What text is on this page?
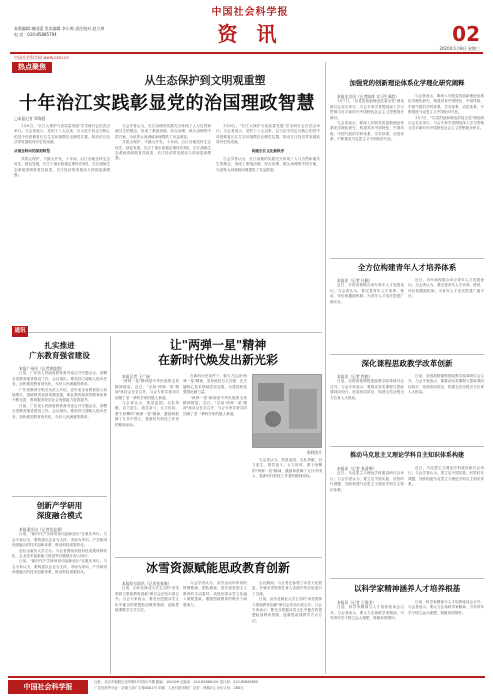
本版编辑 谢国梁 美术编辑 李小帅 责任校对 赵立坤
电 话：010-85885794
中国社会科学报
资 讯	02
2020年1月8日 星期三
中国社会科学网 www.cssn.cn
热点聚焦
从生态保护到文明观重塑
十年治江实践彰显党的治国理政智慧
□本报记者 郑海鸥

1月8日，"长江大保护与高质量发展"学术研讨会在武汉举行。与会者表示，党的十八大以来，以习近平同志为核心的党中央把修复长江生态环境摆在压倒性位置，推动长江经济带发展取得历史性成就。

从理念转向的深刻转型

共抓大保护、不搞大开发。十年间，沿江各地坚持生态优先、绿色发展，长江干流水质稳定保持在Ⅱ类，长江流域生态系统得到恢复性改善，长江经济带发展动力得到显著增强。

与会学者认为，长江治理的实践充分体现了人与自然和谐共生的理念，形成了系统治理、综合治理、源头治理的中国方案，为世界大河流域治理提供了有益借鉴。

共抓大保护、不搞大开发。十年间，沿江各地坚持生态优先、绿色发展，长江干流水质稳定保持在Ⅱ类，长江流域生态系统得到恢复性改善，长江经济带发展动力得到显著增强。

1月8日，"长江大保护与高质量发展"学术研讨会在武汉举行。与会者表示，党的十八大以来，以习近平同志为核心的党中央把修复长江生态环境摆在压倒性位置，推动长江经济带发展取得历史性成就。

构建长江文化新秩序

与会学者认为，长江治理的实践充分体现了人与自然和谐共生的理念，形成了系统治理、综合治理、源头治理的中国方案，为世界大河流域治理提供了有益借鉴。

通讯
扎实推进
广东教育强省建设

本报广州讯（记者黄俊霞）

日前，广东省人民政府教育督导室召开专题会议，部署全省教育强省建设工作。会议指出，要坚持立德树人根本任务，加快推进教育现代化，办好人民满意的教育。

广东省教育厅相关负责人介绍，近年来全省教育投入持续增长，基础教育优质均衡发展，职业教育和高等教育体系不断完善，教育服务经济社会发展能力显著提升。

日前，广东省人民政府教育督导室召开专题会议，部署全省教育强省建设工作。会议指出，要坚持立德树人根本任务，加快推进教育现代化，办好人民满意的教育。

创新产学研用
深度融合模式

本报重庆讯（记者张益强）

日前，"新时代产学研用协同创新论坛"在重庆举行。与会专家认为，要构建以企业为主体、市场为导向、产学研用深度融合的技术创新体系，推动科技成果转化。

论坛由重庆大学主办。与会者围绕高校科技成果转移转化、企业技术创新能力建设等议题展开深入研讨。

日前，"新时代产学研用协同创新论坛"在重庆举行。与会专家认为，要构建以企业为主体、市场为导向、产学研用深度融合的技术创新体系，推动科技成果转化。

让"两弹一星"精神
在新时代焕发出新光彩

本报记者 王广禄

"两弹一星"精神是中华民族的宝贵精神财富。近日，"弘扬'两弹一星'精神"座谈会在京召开，与会专家学者共同回顾了老一辈科学家的感人事迹。

与会者认为，热爱祖国、无私奉献，自力更生、艰苦奋斗，大力协同、勇于登攀的"两弹一星"精神，激励和鼓舞了几代中国人，是新时代科技工作者的精神坐标。

在新的历史条件下，要大力弘扬"两弹一星"精神，坚持科技自立自强，在关键核心技术领域攻坚克难，为建设科技强国贡献力量。

"两弹一星"精神是中华民族的宝贵精神财富。近日，"弘扬'两弹一星'精神"座谈会在京召开，与会专家学者共同回顾了老一辈科学家的感人事迹。

资料图片

与会者认为，热爱祖国、无私奉献，自力更生、艰苦奋斗，大力协同、勇于登攀的"两弹一星"精神，激励和鼓舞了几代中国人，是新时代科技工作者的精神坐标。

冰雪资源赋能思政教育创新

本报哈尔滨讯（记者张春海）

日前，由东北林业大学主办的"冰雪资源与思政教育创新"研讨会在哈尔滨召开。与会专家表示，要充分挖掘冰雪文化中蕴含的思想政治教育资源，创新思政课教学方式方法。

与会学者认为，冰雪运动所体现的拼搏精神、团队精神，是开展爱国主义教育的生动素材。高校应将冰雪文化融入课程思政，增强思政教育的吸引力和感染力。

会议期间，与会者还参观了冰雪文化展览，并就冰雪资源在育人实践中的应用进行了交流。

日前，由东北林业大学主办的"冰雪资源与思政教育创新"研讨会在哈尔滨召开。与会专家表示，要充分挖掘冰雪文化中蕴含的思想政治教育资源，创新思政课教学方式方法。

加强党的创新理论体系化学理化研究阐释

本报北京讯（记者陈炼 实习生周韵）

1月7日，"以党的创新理论武装全党"理论研讨会在京举行。与会专家学者围绕深入学习贯彻习近平新时代中国特色社会主义思想展开研讨。

与会者表示，要深入开展党的创新理论体系化学理化研究，构建具有中国特色、中国风格、中国气派的学科体系、学术体系、话语体系，不断推进马克思主义中国化时代化。

与会者表示，要深入开展党的创新理论体系化学理化研究，构建具有中国特色、中国风格、中国气派的学科体系、学术体系、话语体系，不断推进马克思主义中国化时代化。

1月7日，"以党的创新理论武装全党"理论研讨会在京举行。与会专家学者围绕深入学习贯彻习近平新时代中国特色社会主义思想展开研讨。

全方位构建青年人才培养体系

本报讯（记者 任颖）

近日，多所高校联合举办青年人才发展论坛。与会者认为，要完善青年人才培养、使用、评价和激励机制，为青年人才成长搭建广阔平台。

近日，多所高校联合举办青年人才发展论坛。与会者认为，要完善青年人才培养、使用、评价和激励机制，为青年人才成长搭建广阔平台。

深化课程思政教学改革创新

本报讯（记者 程晓）

日前，全国高校课程思政教学改革研讨会召开。与会专家表示，要推动各类课程与思政课同向同行，形成协同效应，构建全员全程全方位育人大格局。

日前，全国高校课程思政教学改革研讨会召开。与会专家表示，要推动各类课程与思政课同向同行，形成协同效应，构建全员全程全方位育人大格局。

推动马克思主义理论学科自主知识体系构建

本报讯（记者 张清俐）

近日，马克思主义理论学科建设研讨会举行。与会学者认为，要立足中国实践，回答时代课题，加快构建马克思主义理论学科自主知识体系。

近日，马克思主义理论学科建设研讨会举行。与会学者认为，要立足中国实践，回答时代课题，加快构建马克思主义理论学科自主知识体系。

以科学家精神涵养人才培养根基

本报讯（记者 王俊美）

日前，科学家精神与人才培养座谈会召开。与会者表示，要大力弘扬科学家精神，引导青年学子树立远大理想，厚植家国情怀。

日前，科学家精神与人才培养座谈会召开。与会者表示，要大力弘扬科学家精神，引导青年学子树立远大理想，厚植家国情怀。

中国社会科学报	社址：北京市朝阳区光华路15号院1号楼 邮编：100026 总编室：010-85886100 发行部：010-85885800
广告经营许可证：京朝工商广字第0081号 印刷：人民日报印刷厂 定价：每期2元 全年订价：288元
